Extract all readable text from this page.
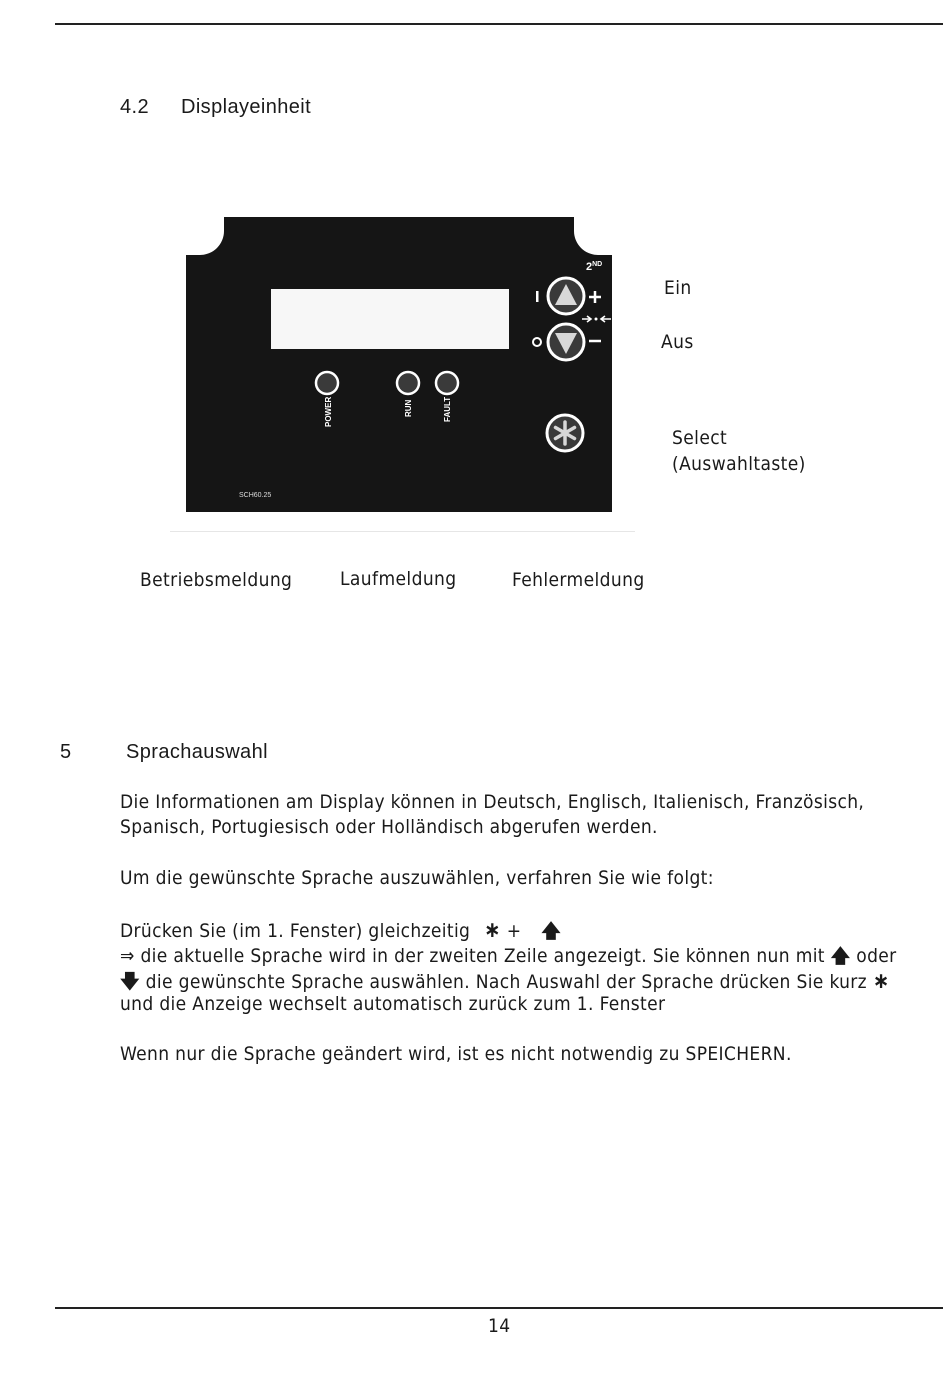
4.2 Displayeinheit
2ND
POWER	RUN	FAULT
SCH60.25
Ein
Aus
Select
(Auswahltaste)
Betriebsmeldung	Laufmeldung	Fehlermeldung
5	Sprachauswahl
Die Informationen am Display können in Deutsch, Englisch, Italienisch, Französisch,
Spanisch, Portugiesisch oder Holländisch abgerufen werden.
Um die gewünschte Sprache auszuwählen, verfahren Sie wie folgt:
Drücken Sie (im 1. Fenster) gleichzeitig ∗ + 🡅
⇒ die aktuelle Sprache wird in der zweiten Zeile angezeigt. Sie können nun mit 🡅 oder
🡇 die gewünschte Sprache auswählen. Nach Auswahl der Sprache drücken Sie kurz ∗
und die Anzeige wechselt automatisch zurück zum 1. Fenster
Wenn nur die Sprache geändert wird, ist es nicht notwendig zu SPEICHERN.
14
